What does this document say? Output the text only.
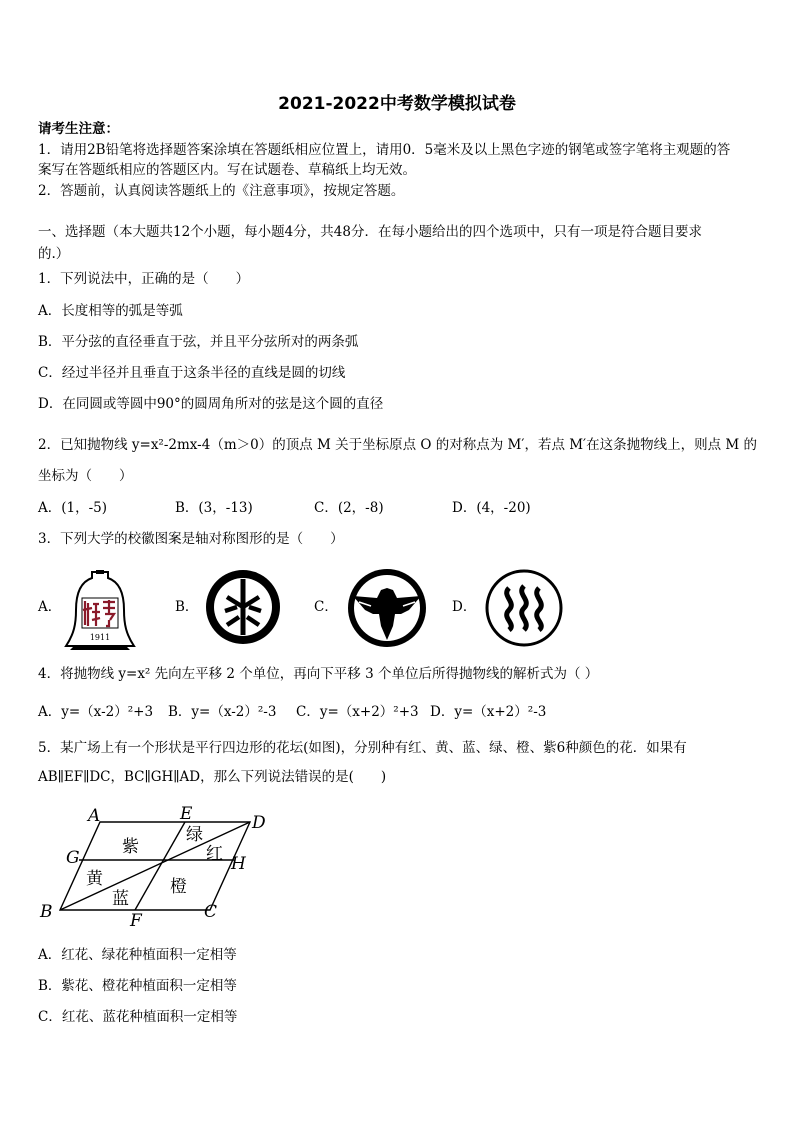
2021-2022中考数学模拟试卷
请考生注意：
1．请用2B铅笔将选择题答案涂填在答题纸相应位置上，请用0．5毫米及以上黑色字迹的钢笔或签字笔将主观题的答
案写在答题纸相应的答题区内。写在试题卷、草稿纸上均无效。
2．答题前，认真阅读答题纸上的《注意事项》，按规定答题。
一、选择题（本大题共12个小题，每小题4分，共48分．在每小题给出的四个选项中，只有一项是符合题目要求
的.）
1．下列说法中，正确的是（　　）
A．长度相等的弧是等弧
B．平分弦的直径垂直于弦，并且平分弦所对的两条弧
C．经过半径并且垂直于这条半径的直线是圆的切线
D．在同圆或等圆中90°的圆周角所对的弦是这个圆的直径
2．已知抛物线 y=x²-2mx-4（m＞0）的顶点 M 关于坐标原点 O 的对称点为 M′，若点 M′在这条抛物线上，则点 M 的
坐标为（　　）
A．(1，-5)	B．(3，-13)	C．(2，-8)	D．(4，-20)
3．下列大学的校徽图案是轴对称图形的是（　　）
A．	B．	C．	D．
1911
4．将抛物线 y=x² 先向左平移 2 个单位，再向下平移 3 个单位后所得抛物线的解析式为（ ）
A．y=（x-2）²+3 B．y=（x-2）²-3 C．y=（x+2）²+3 D．y=（x+2）²-3
5．某广场上有一个形状是平行四边形的花坛(如图)，分别种有红、黄、蓝、绿、橙、紫6种颜色的花．如果有
AB∥EF∥DC，BC∥GH∥AD，那么下列说法错误的是(　　)
A	E	D
G	H
B	F	C
紫
绿
红
黄
蓝
橙
A．红花、绿花种植面积一定相等
B．紫花、橙花种植面积一定相等
C．红花、蓝花种植面积一定相等
